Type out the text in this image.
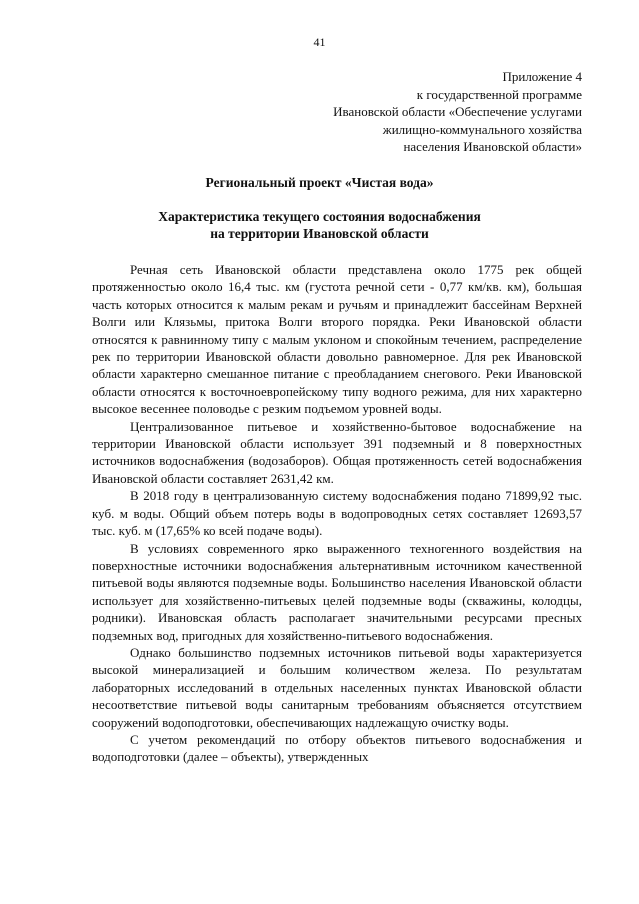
41
Приложение 4
к государственной программе
Ивановской области «Обеспечение услугами
жилищно-коммунального хозяйства
населения Ивановской области»
Региональный проект «Чистая вода»
Характеристика текущего состояния водоснабжения
на территории Ивановской области

Речная сеть Ивановской области представлена около 1775 рек общей протяженностью около 16,4 тыс. км (густота речной сети - 0,77 км/кв. км), большая часть которых относится к малым рекам и ручьям и принадлежит бассейнам Верхней Волги или Клязьмы, притока Волги второго порядка. Реки Ивановской области относятся к равнинному типу с малым уклоном и спокойным течением, распределение рек по территории Ивановской области довольно равномерное. Для рек Ивановской области характерно смешанное питание с преобладанием снегового. Реки Ивановской области относятся к восточноевропейскому типу водного режима, для них характерно высокое весеннее половодье с резким подъемом уровней воды.

Централизованное питьевое и хозяйственно-бытовое водоснабжение на территории Ивановской области использует 391 подземный и 8 поверхностных источников водоснабжения (водозаборов). Общая протяженность сетей водоснабжения Ивановской области составляет 2631,42 км.

В 2018 году в централизованную систему водоснабжения подано 71899,92 тыс. куб. м воды. Общий объем потерь воды в водопроводных сетях составляет 12693,57 тыс. куб. м (17,65% ко всей подаче воды).

В условиях современного ярко выраженного техногенного воздействия на поверхностные источники водоснабжения альтернативным источником качественной питьевой воды являются подземные воды. Большинство населения Ивановской области использует для хозяйственно-питьевых целей подземные воды (скважины, колодцы, родники). Ивановская область располагает значительными ресурсами пресных подземных вод, пригодных для хозяйственно-питьевого водоснабжения.

Однако большинство подземных источников питьевой воды характеризуется высокой минерализацией и большим количеством железа. По результатам лабораторных исследований в отдельных населенных пунктах Ивановской области несоответствие питьевой воды санитарным требованиям объясняется отсутствием сооружений водоподготовки, обеспечивающих надлежащую очистку воды.

С учетом рекомендаций по отбору объектов питьевого водоснабжения и водоподготовки (далее – объекты), утвержденных
